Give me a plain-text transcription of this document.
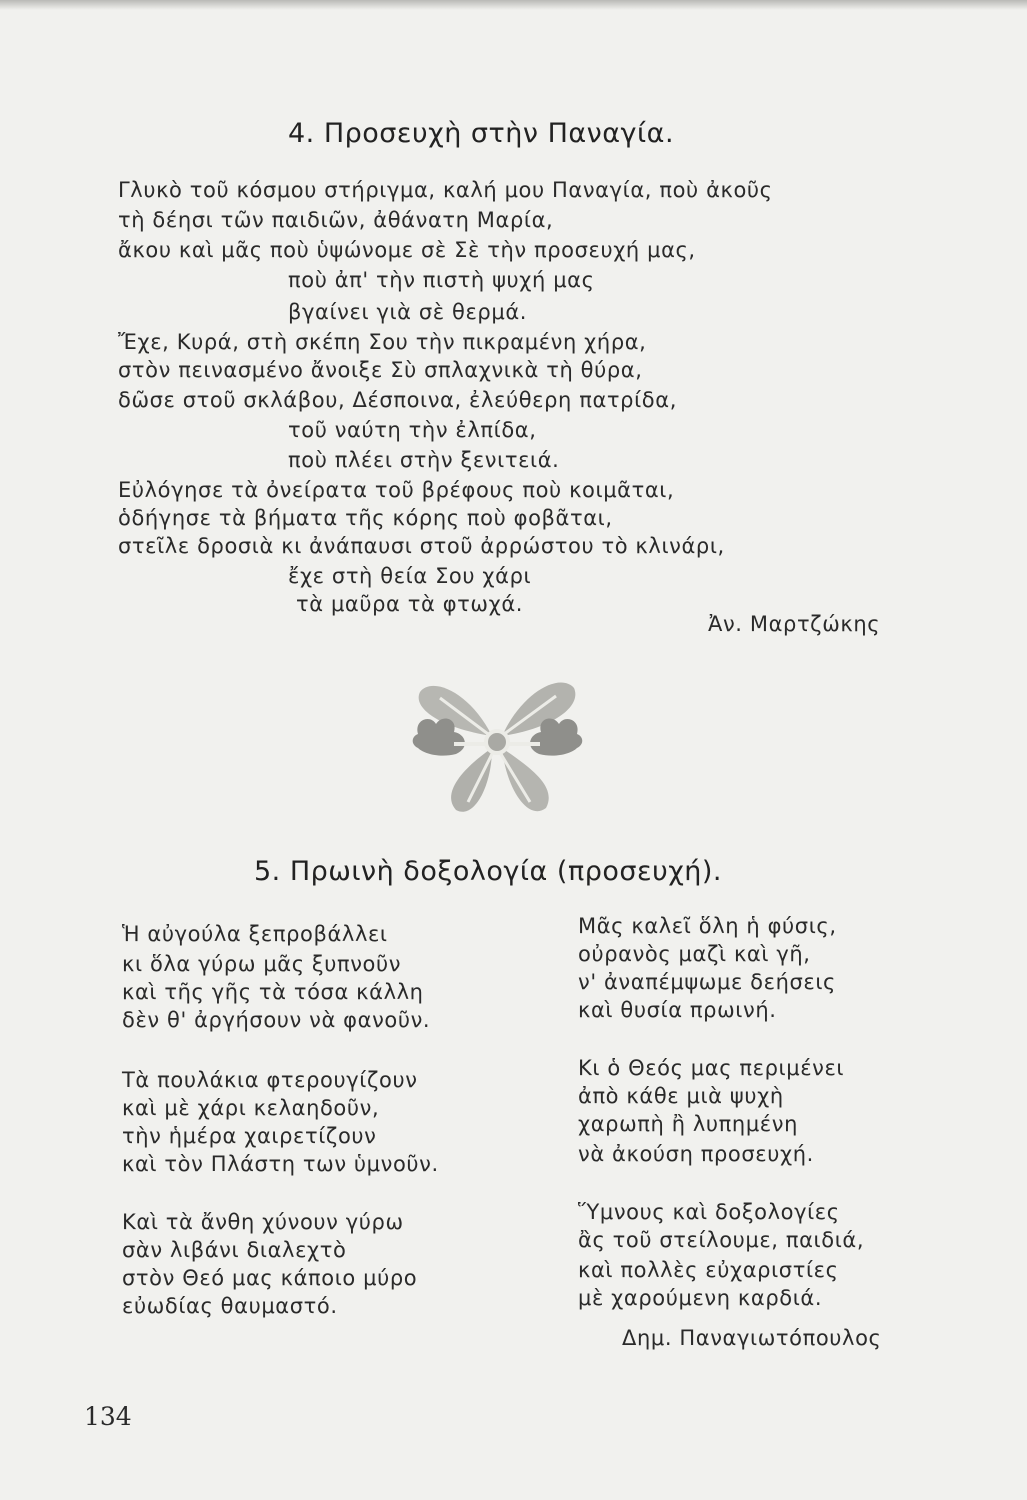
4. Προσευχὴ στὴν Παναγία.
Γλυκὸ τοῦ κόσμου στήριγμα, καλή μου Παναγία, ποὺ ἀκοῦς
τὴ δέησι τῶν παιδιῶν, ἀθάνατη Μαρία,
ἄκου καὶ μᾶς ποὺ ὑψώνομε σὲ Σὲ τὴν προσευχή μας,
ποὺ ἀπ' τὴν πιστὴ ψυχή μας
βγαίνει γιὰ σὲ θερμά.
Ἔχε, Κυρά, στὴ σκέπη Σου τὴν πικραμένη χήρα,
στὸν πεινασμένο ἄνοιξε Σὺ σπλαχνικὰ τὴ θύρα,
δῶσε στοῦ σκλάβου, Δέσποινα, ἐλεύθερη πατρίδα,
τοῦ ναύτη τὴν ἐλπίδα,
ποὺ πλέει στὴν ξενιτειά.
Εὐλόγησε τὰ ὀνείρατα τοῦ βρέφους ποὺ κοιμᾶται,
ὁδήγησε τὰ βήματα τῆς κόρης ποὺ φοβᾶται,
στεῖλε δροσιὰ κι ἀνάπαυσι στοῦ ἀρρώστου τὸ κλινάρι,
ἔχε στὴ θεία Σου χάρι
τὰ μαῦρα τὰ φτωχά.
Ἀν. Μαρτζώκης
5. Πρωινὴ δοξολογία (προσευχή).
Ἡ αὐγούλα ξεπροβάλλει
κι ὅλα γύρω μᾶς ξυπνοῦν
καὶ τῆς γῆς τὰ τόσα κάλλη
δὲν θ' ἀργήσουν νὰ φανοῦν.
Τὰ πουλάκια φτερουγίζουν
καὶ μὲ χάρι κελαηδοῦν,
τὴν ἡμέρα χαιρετίζουν
καὶ τὸν Πλάστη των ὑμνοῦν.
Καὶ τὰ ἄνθη χύνουν γύρω
σὰν λιβάνι διαλεχτὸ
στὸν Θεό μας κάποιο μύρο
εὐωδίας θαυμαστό.
Μᾶς καλεῖ ὅλη ἡ φύσις,
οὐρανὸς μαζὶ καὶ γῆ,
ν' ἀναπέμψωμε δεήσεις
καὶ θυσία πρωινή.
Κι ὁ Θεός μας περιμένει
ἀπὸ κάθε μιὰ ψυχὴ
χαρωπὴ ἢ λυπημένη
νὰ ἀκούση προσευχή.
Ὕμνους καὶ δοξολογίες
ἂς τοῦ στείλουμε, παιδιά,
καὶ πολλὲς εὐχαριστίες
μὲ χαρούμενη καρδιά.
Δημ. Παναγιωτόπουλος
134
